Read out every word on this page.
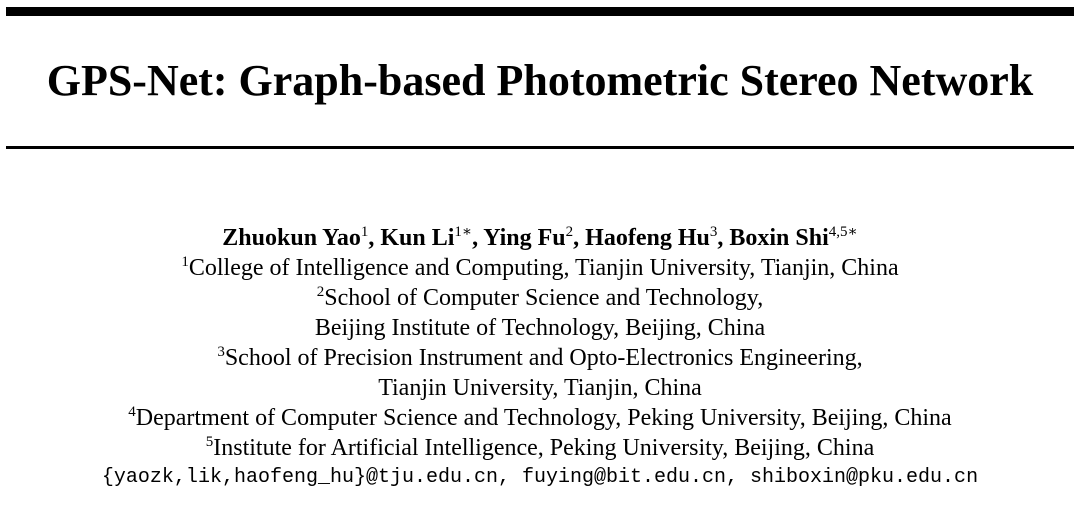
GPS-Net: Graph-based Photometric Stereo Network
Zhuokun Yao$^1$, Kun $Li^{1∗}$, Ying Fu$^2$, Haofeng Hu$^3$, Boxin Shi$^{4,5∗}$
$^1$College of Intelligence and Computing, Tianjin University, Tianjin, China
$^2$School of Computer Science and Technology,
Beijing Institute of Technology, Beijing, China
$^3$School of Precision Instrument and Opto-Electronics Engineering,
Tianjin University, Tianjin, China
$^4$Department of Computer Science and Technology, Peking University, Beijing, China
$^5$Institute for Artificial Intelligence, Peking University, Beijing, China
{yaozk,lik,haofeng_hu}@tju.edu.cn, fuying@bit.edu.cn, shiboxin@pku.edu.cn
